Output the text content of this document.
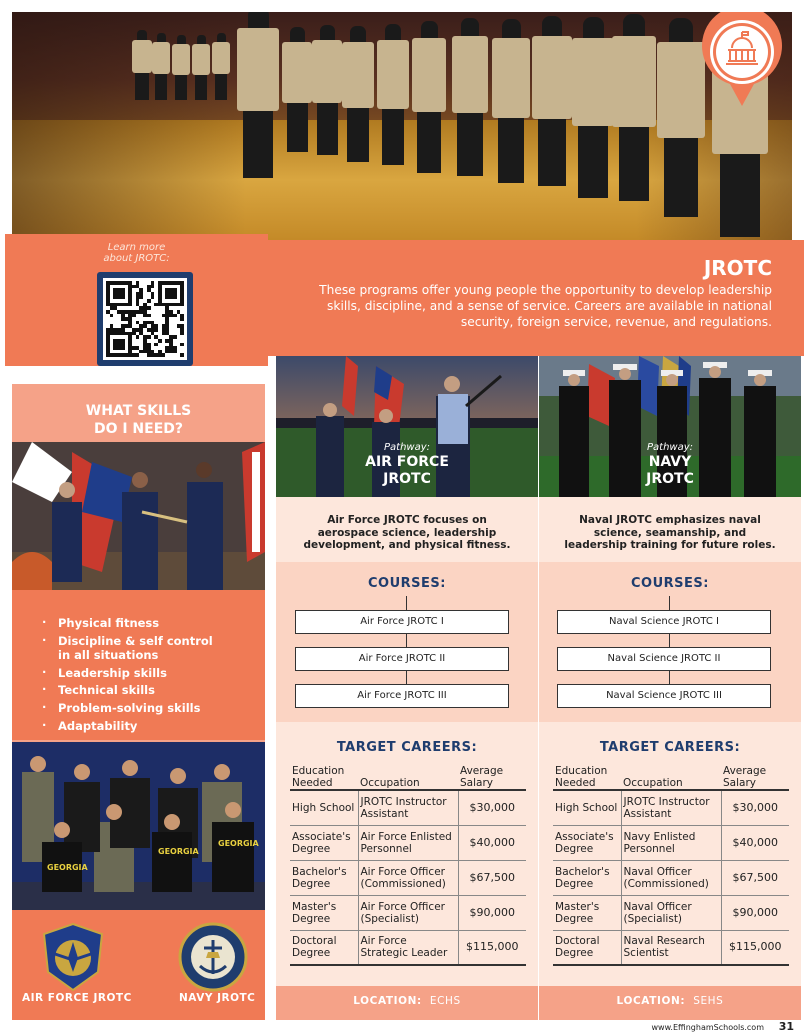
Learn more
about JROTC:	JROTC
These programs offer young people the opportunity to develop leadership skills, discipline, and a sense of service. Careers are available in national security, foreign service, revenue, and regulations.
WHAT SKILLS
DO I NEED?
· Physical fitness
· Discipline & self control in all situations
· Leadership skills
· Technical skills
· Problem-solving skills
· Adaptability
GEORGIA
GEORGIA
GEORGIA
AIR FORCE JROTC	NAVY JROTC
Pathway:
AIR FORCE
JROTC
Air Force JROTC focuses on aerospace science, leadership development, and physical fitness.
COURSES:
Air Force JROTC I
Air Force JROTC II
Air Force JROTC III
TARGET CAREERS:
Education Needed	Occupation	Average Salary
High School	JROTC Instructor Assistant	$30,000
Associate's Degree	Air Force Enlisted Personnel	$40,000
Bachelor's Degree	Air Force Officer (Commissioned)	$67,500
Master's Degree	Air Force Officer (Specialist)	$90,000
Doctoral Degree	Air Force Strategic Leader	$115,000
LOCATION: ECHS
Pathway:
NAVY
JROTC
Naval JROTC emphasizes naval science, seamanship, and leadership training for future roles.
COURSES:
Naval Science JROTC I
Naval Science JROTC II
Naval Science JROTC III
TARGET CAREERS:
Education Needed	Occupation	Average Salary
High School	JROTC Instructor Assistant	$30,000
Associate's Degree	Navy Enlisted Personnel	$40,000
Bachelor's Degree	Naval Officer (Commissioned)	$67,500
Master's Degree	Naval Officer (Specialist)	$90,000
Doctoral Degree	Naval Research Scientist	$115,000
LOCATION: SEHS
www.EffinghamSchools.com 31
